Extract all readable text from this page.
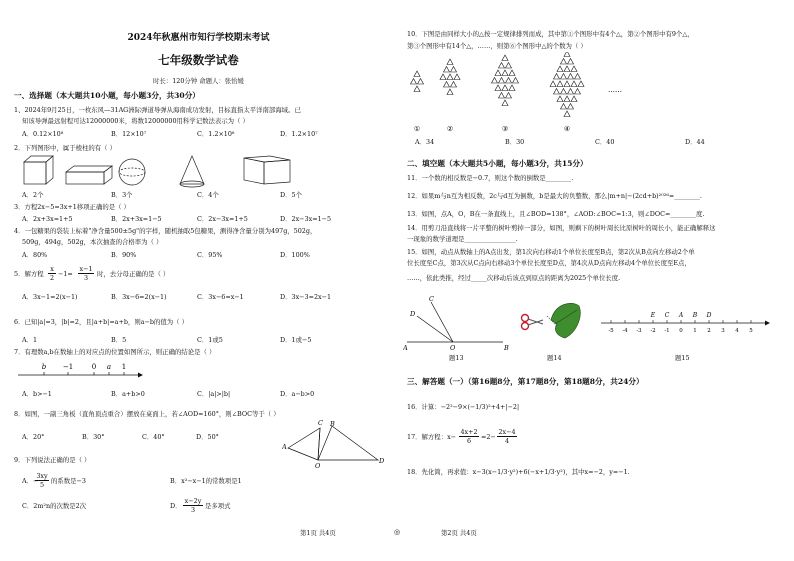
2024年秋惠州市知行学校期末考试
七年级数学试卷
时长：120分钟 命题人：张怡媛
一、选择题（本大题共10小题，每小题3分，共30分）
1、2024年9月25日，一枚东风—31AG洲际弹道导弹从海南成功发射，目标直指太平洋南部海域。已
知该导弹最远射程可达12000000米，将数12000000用科学记数法表示为（ ）
A．0.12×10⁸	B．12×10⁷	C．1.2×10⁸	D．1.2×10⁷
2．下列图形中，属于棱柱的有（ ）
A．2个	B．3个	C．4个	D．5个
3．方程2x−5=3x+1移项正确的是（ ）
A．2x+3x=1+5	B．2x+3x=1−5	C．2x−3x=1+5	D．2x−3x=1−5
4．一包糖果的袋装上标着"净含量500±5g"的字样，随机抽取5包糖果，测得净含量分别为497g，502g，
509g，494g，502g，本次抽查的合格率为（ ）
A．80%	B．90%	C．95%	D．100%
5．解方程
x
2 −1=
x−1
3	时，去分母正确的是（ ）
A．3x−1=2(x−1)	B．3x−6=2(x−1)	C．3x−6=x−1	D．3x−3=2x−1
6．已知|a|=3，|b|=2，且|a+b|=a+b，则a−b的值为（ ）
A．1	B．5	C．1或5	D．1或−5
7．有理数a,b在数轴上的对应点的位置如图所示，则正确的结论是（ ）
b −1	0 a 1
A．b>−1	B．a+b>0	C．|a|>|b|	D．a−b>0
8．如图，一副三角板（直角顶点重合）摆放在桌面上，若∠AOD=160°，则∠BOC等于（ ）
A．20°	B．30°	C．40°	D．50°
C B
A
O
D
9．下列说法正确的是（ ）
A．−
3xy
5	的系数是−3	B．x²−x−1的常数项是1
C．2m²n的次数是2次	D．
x−2y
3	是多项式
第1页 共4页	◎
10．下图是由同样大小的△按一定规律排列而成，其中第①个图形中有4个△，第②个图形中有9个△，
第③个图形中有14个△，……，则第⑥个图形中△的个数为（ ）
①	②	③	④
……
A．34	B．30	C．40	D．44
二、填空题（本大题共5小题，每小题3分，共15分）
11．一个数的相反数是−0.7，则这个数的倒数是________.
12．如果m与n互为相反数，2c与d互为倒数，b是最大的负整数，那么|m+n|−(2cd+b)²⁰²⁶=________.
13．如图，点A，O，B在一条直线上，且∠BOD=138°，∠AOD:∠BOC=1:3，则∠DOC=________度.
14．用剪刀沿直线将一片平整的树叶剪掉一部分，如图，则剩下的树叶周长比原树叶的周长小，能正确解释这
一现象的数学道理是________________.
15．如图，动点从数轴上的A点出发，第1次向右移动1个单位长度至B点，第2次从B点向左移动2个单
位长度至C点，第3次从C点向右移动3个单位长度至D点，第4次从D点向左移动4个单位长度至E点，
……，依此类推，经过_____次移动后该点到原点的距离为2025个单位长度.
C
D
A	O	B
题13	题14
-5 -4 -3 -2 -1 0 1 2 3 4 5
E C A B D
题15
三、解答题（一）（第16题8分，第17题8分，第18题8分，共24分）
16．计算：−2²−9×(−1/3)²+4+|−2|
17．解方程：x−
4x+2
6	=2−
2x−4
4
18．先化简，再求值：x−3(x−1/3·y²)+6(−x+1/3·y²)，其中x=−2，y=−1.
第2页 共4页
